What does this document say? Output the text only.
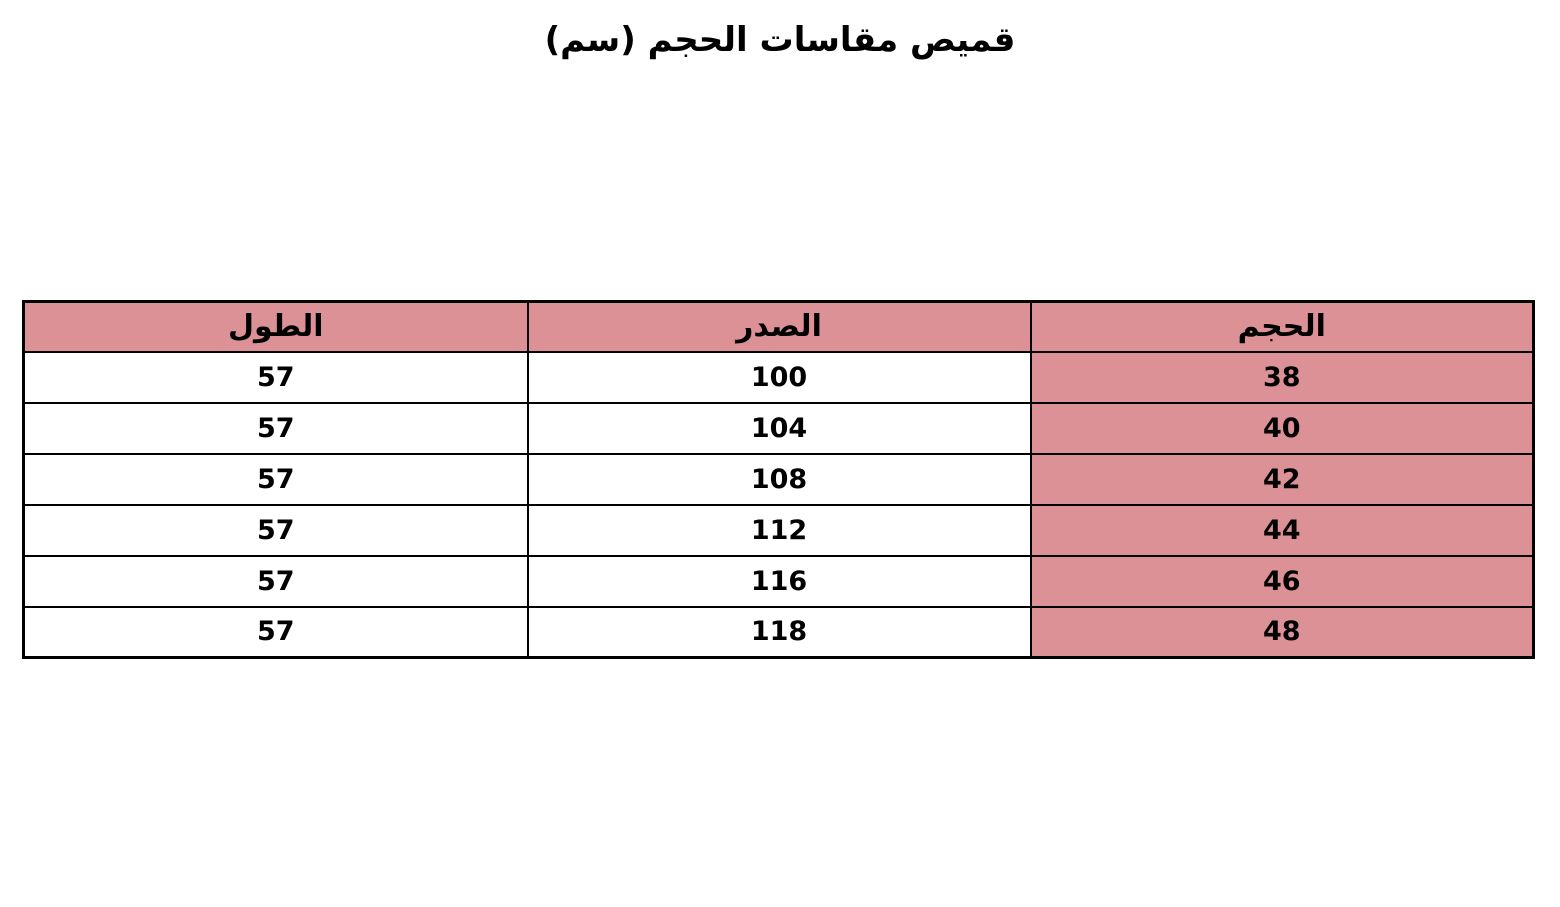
قميص مقاسات الحجم (سم)
الحجم	الصدر	الطول
38	100	57
40	104	57
42	108	57
44	112	57
46	116	57
48	118	57
